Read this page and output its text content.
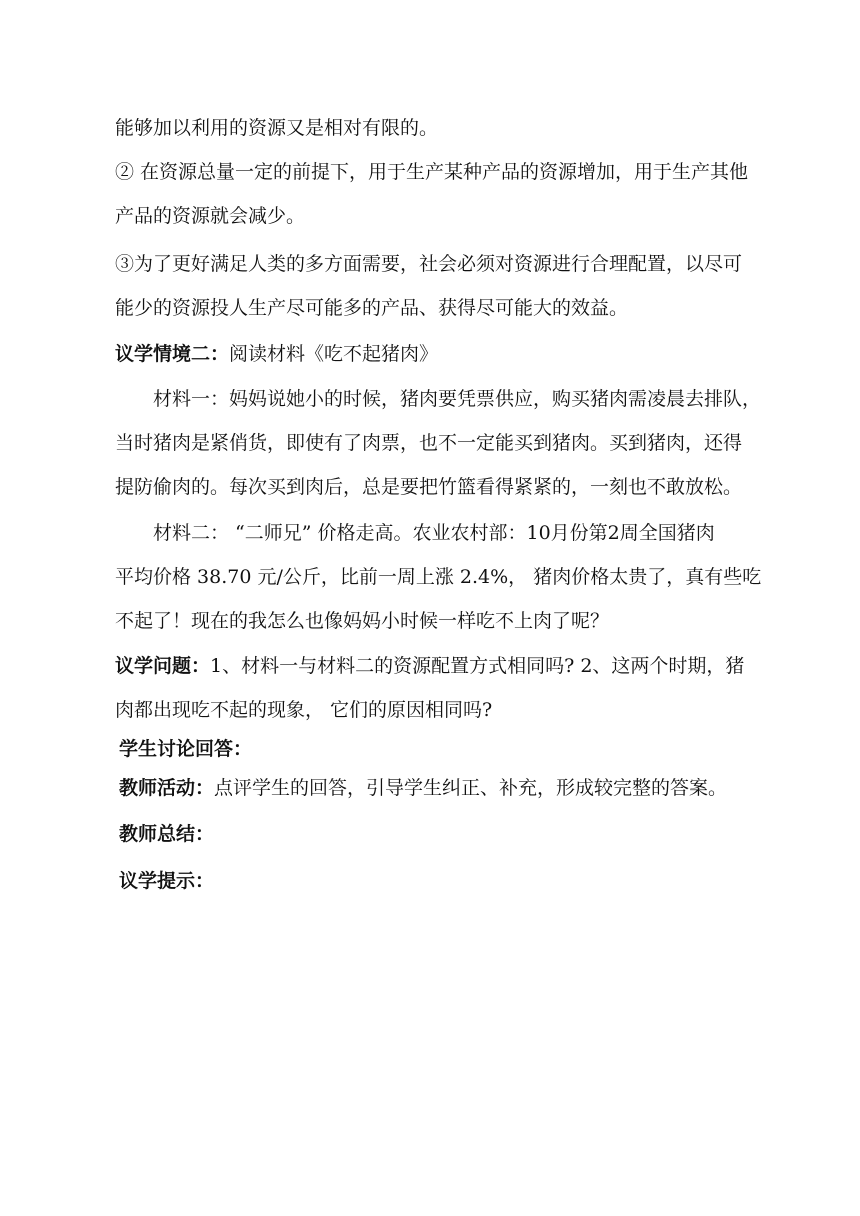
能够加以利用的资源又是相对有限的。
② 在资源总量一定的前提下，用于生产某种产品的资源增加，用于生产其他
产品的资源就会减少。
③为了更好满足人类的多方面需要，社会必须对资源进行合理配置，以尽可
能少的资源投人生产尽可能多的产品、获得尽可能大的效益。
议学情境二：阅读材料《吃不起猪肉》
材料一：妈妈说她小的时候，猪肉要凭票供应，购买猪肉需凌晨去排队，
当时猪肉是紧俏货，即使有了肉票，也不一定能买到猪肉。买到猪肉，还得
提防偷肉的。每次买到肉后，总是要把竹篮看得紧紧的，一刻也不敢放松。
材料二： “二师兄” 价格走高。农业农村部：10月份第2周全国猪肉
平均价格 38.70 元/公斤，比前一周上涨 2.4%， 猪肉价格太贵了，真有些吃
不起了！现在的我怎么也像妈妈小时候一样吃不上肉了呢？
议学问题：1、材料一与材料二的资源配置方式相同吗? 2、这两个时期，猪
肉都出现吃不起的现象， 它们的原因相同吗?
学生讨论回答：
教师活动：点评学生的回答，引导学生纠正、补充，形成较完整的答案。
教师总结：
议学提示：
